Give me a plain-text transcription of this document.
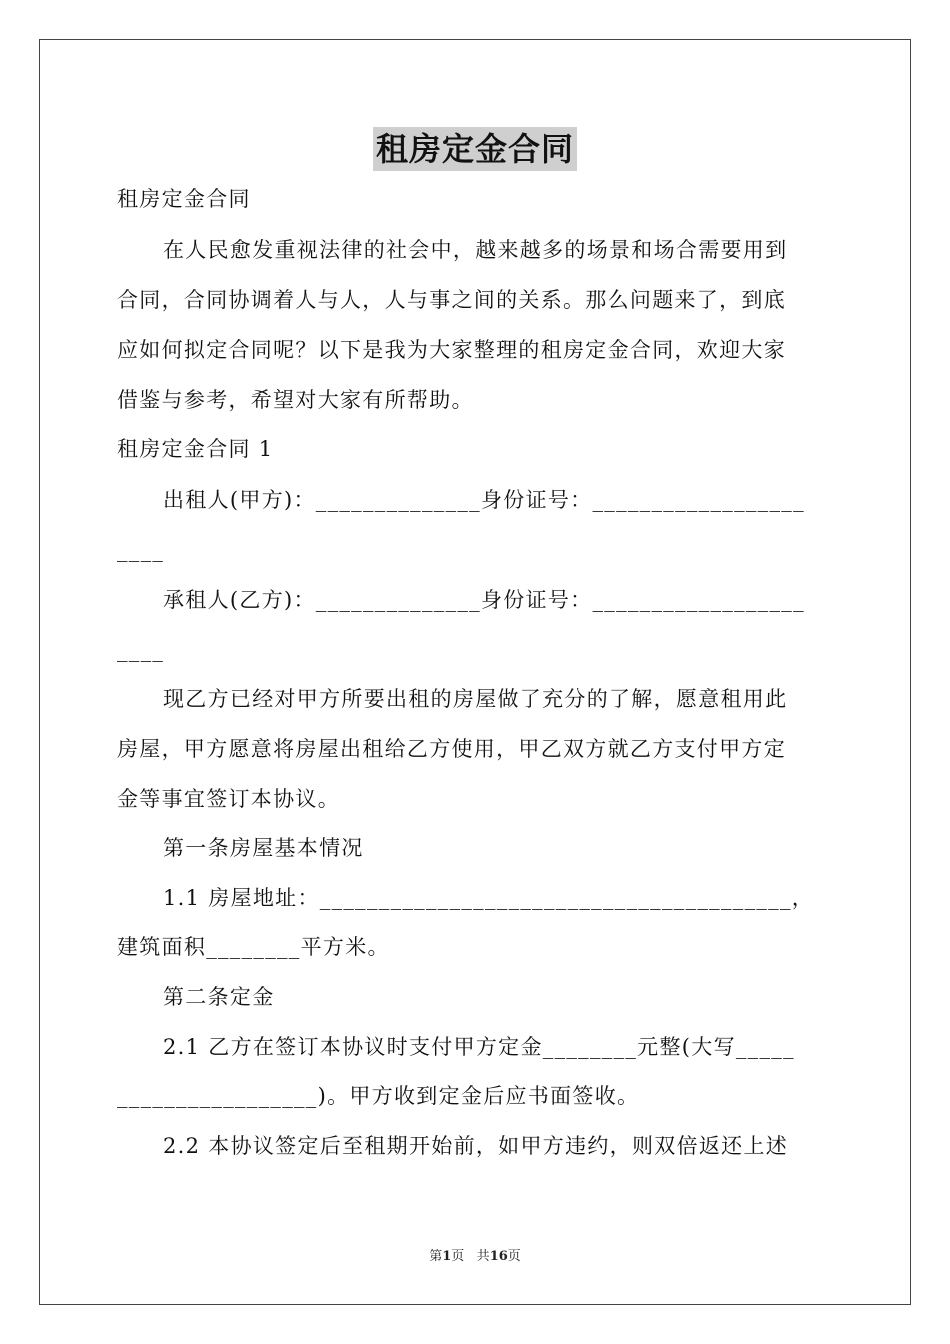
租房定金合同
租房定金合同
在人民愈发重视法律的社会中，越来越多的场景和场合需要用到
合同，合同协调着人与人，人与事之间的关系。那么问题来了，到底
应如何拟定合同呢？以下是我为大家整理的租房定金合同，欢迎大家
借鉴与参考，希望对大家有所帮助。
租房定金合同 1
出租人(甲方)：______________身份证号：__________________
____
承租人(乙方)：______________身份证号：__________________
____
现乙方已经对甲方所要出租的房屋做了充分的了解，愿意租用此
房屋，甲方愿意将房屋出租给乙方使用，甲乙双方就乙方支付甲方定
金等事宜签订本协议。
第一条房屋基本情况
1.1 房屋地址：________________________________________，
建筑面积________平方米。
第二条定金
2.1 乙方在签订本协议时支付甲方定金________元整(大写_____
_________________)。甲方收到定金后应书面签收。
2.2 本协议签定后至租期开始前，如甲方违约，则双倍返还上述
第1页 共16页
